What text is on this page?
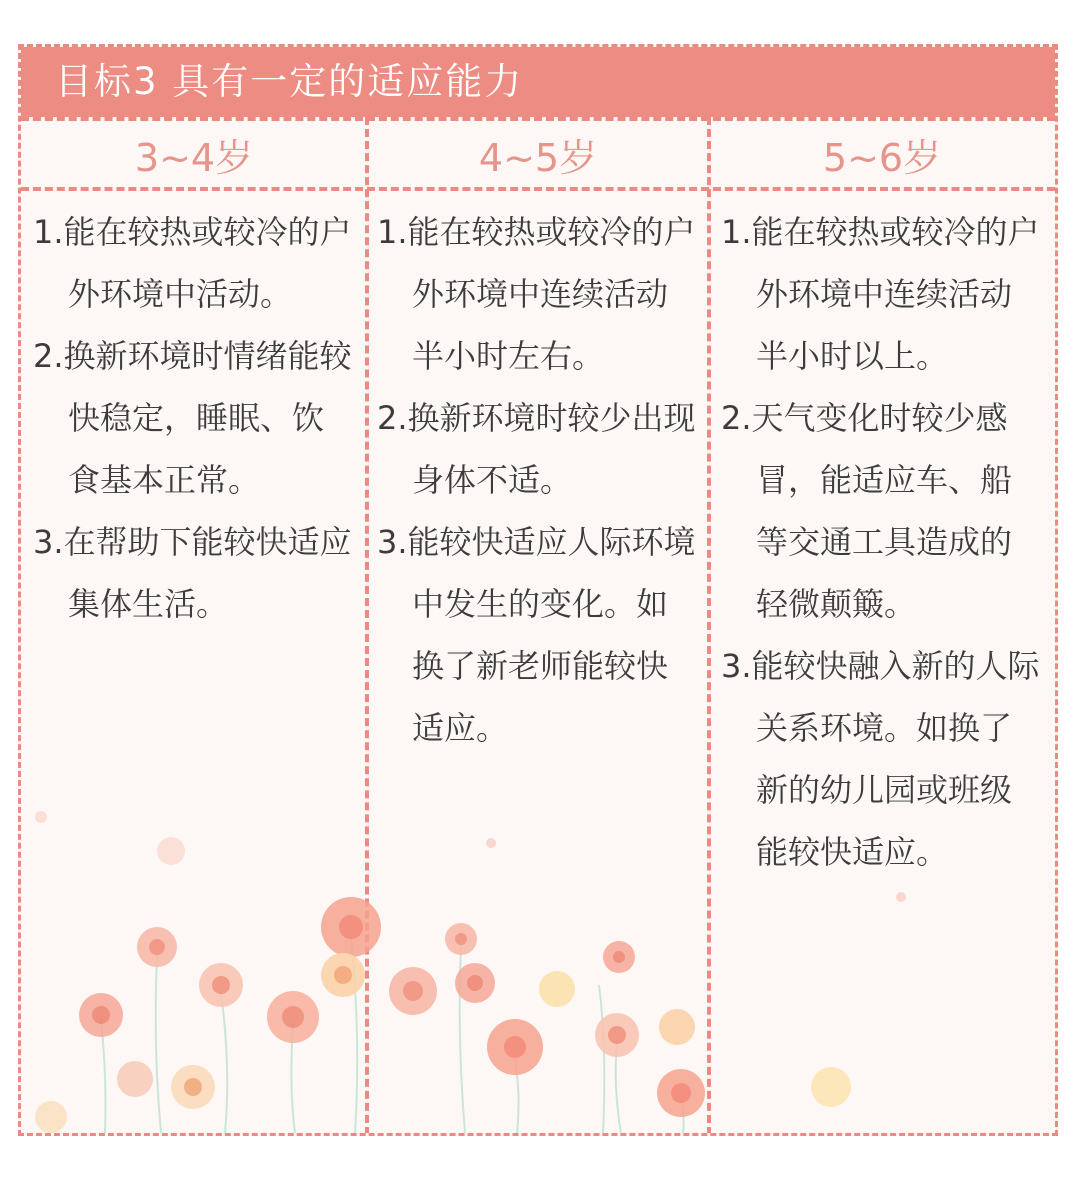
目标3 具有一定的适应能力
3~4岁	4~5岁	5~6岁

1.能在较热或较冷的户外环境中活动。

2.换新环境时情绪能较快稳定，睡眠、饮食基本正常。

3.在帮助下能较快适应集体生活。

1.能在较热或较冷的户外环境中连续活动半小时左右。

2.换新环境时较少出现身体不适。

3.能较快适应人际环境中发生的变化。如换了新老师能较快适应。

1.能在较热或较冷的户外环境中连续活动半小时以上。

2.天气变化时较少感冒，能适应车、船等交通工具造成的轻微颠簸。

3.能较快融入新的人际关系环境。如换了新的幼儿园或班级能较快适应。
